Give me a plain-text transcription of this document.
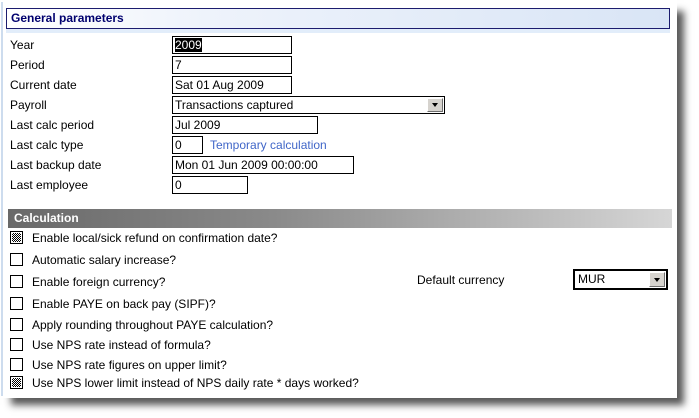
General parameters
Year	2009
Period	7
Current date	Sat 01 Aug 2009
Payroll	Transactions captured
Last calc period	Jul 2009
Last calc type	0	Temporary calculation
Last backup date	Mon 01 Jun 2009 00:00:00
Last employee	0
Calculation
Enable local/sick refund on confirmation date?
Automatic salary increase?
Enable foreign currency?
Enable PAYE on back pay (SIPF)?
Apply rounding throughout PAYE calculation?
Use NPS rate instead of formula?
Use NPS rate figures on upper limit?
Use NPS lower limit instead of NPS daily rate * days worked?
Default currency	MUR
